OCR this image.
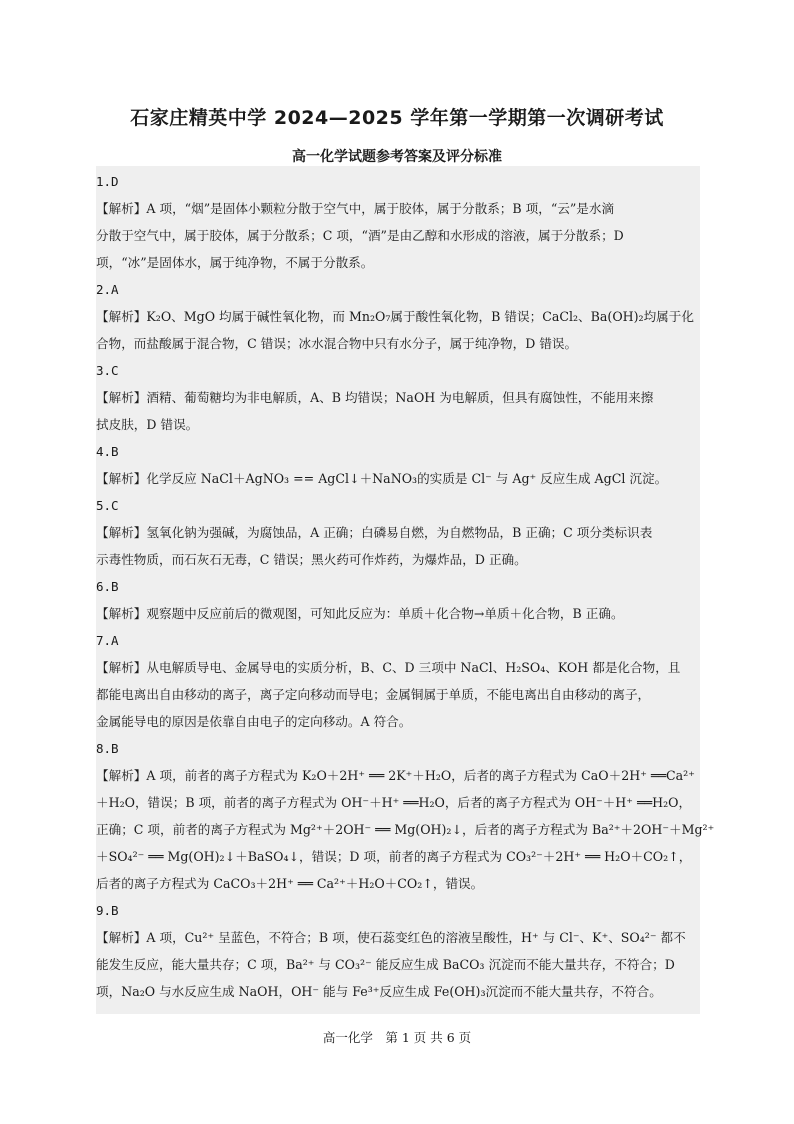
石家庄精英中学 2024—2025 学年第一学期第一次调研考试
高一化学试题参考答案及评分标准
1.D
【解析】A 项，“烟”是固体小颗粒分散于空气中，属于胶体，属于分散系；B 项，“云”是水滴
分散于空气中，属于胶体，属于分散系；C 项，“酒”是由乙醇和水形成的溶液，属于分散系；D
项，“冰”是固体水，属于纯净物，不属于分散系。
2.A
【解析】K₂O、MgO 均属于碱性氧化物，而 Mn₂O₇属于酸性氧化物，B 错误；CaCl₂、Ba(OH)₂均属于化
合物，而盐酸属于混合物，C 错误；冰水混合物中只有水分子，属于纯净物，D 错误。
3.C
【解析】酒精、葡萄糖均为非电解质，A、B 均错误；NaOH 为电解质，但具有腐蚀性，不能用来擦
拭皮肤，D 错误。
4.B
【解析】化学反应 NaCl＋AgNO₃ == AgCl↓＋NaNO₃的实质是 Cl⁻ 与 Ag⁺ 反应生成 AgCl 沉淀。
5.C
【解析】氢氧化钠为强碱，为腐蚀品，A 正确；白磷易自燃，为自燃物品，B 正确；C 项分类标识表
示毒性物质，而石灰石无毒，C 错误；黑火药可作炸药，为爆炸品，D 正确。
6.B
【解析】观察题中反应前后的微观图，可知此反应为：单质＋化合物→单质＋化合物，B 正确。
7.A
【解析】从电解质导电、金属导电的实质分析，B、C、D 三项中 NaCl、H₂SO₄、KOH 都是化合物，且
都能电离出自由移动的离子，离子定向移动而导电；金属铜属于单质，不能电离出自由移动的离子，
金属能导电的原因是依靠自由电子的定向移动。A 符合。
8.B
【解析】A 项，前者的离子方程式为 K₂O＋2H⁺ ══ 2K⁺＋H₂O，后者的离子方程式为 CaO＋2H⁺ ══Ca²⁺
＋H₂O，错误；B 项，前者的离子方程式为 OH⁻＋H⁺ ══H₂O，后者的离子方程式为 OH⁻＋H⁺ ══H₂O，
正确；C 项，前者的离子方程式为 Mg²⁺＋2OH⁻ ══ Mg(OH)₂↓，后者的离子方程式为 Ba²⁺＋2OH⁻＋Mg²⁺
＋SO₄²⁻ ══ Mg(OH)₂↓＋BaSO₄↓，错误；D 项，前者的离子方程式为 CO₃²⁻＋2H⁺ ══ H₂O＋CO₂↑，
后者的离子方程式为 CaCO₃＋2H⁺ ══ Ca²⁺＋H₂O＋CO₂↑，错误。
9.B
【解析】A 项，Cu²⁺ 呈蓝色，不符合；B 项，使石蕊变红色的溶液呈酸性，H⁺ 与 Cl⁻、K⁺、SO₄²⁻ 都不
能发生反应，能大量共存；C 项，Ba²⁺ 与 CO₃²⁻ 能反应生成 BaCO₃ 沉淀而不能大量共存，不符合；D
项，Na₂O 与水反应生成 NaOH，OH⁻ 能与 Fe³⁺反应生成 Fe(OH)₃沉淀而不能大量共存，不符合。
高一化学　第 1 页 共 6 页
